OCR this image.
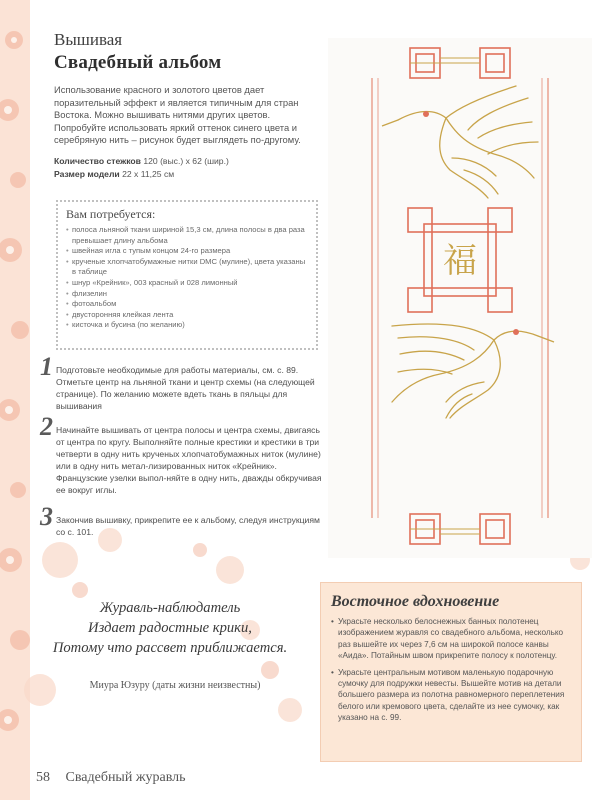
Вышивая

Свадебный альбом

Использование красного и золотого цветов дает поразительный эффект и является типичным для стран Востока. Можно вышивать нитями других цветов. Попробуйте использовать яркий оттенок синего цвета и серебряную нить – рисунок будет выглядеть по-другому.

Количество стежков 120 (выс.) х 62 (шир.)
Размер модели 22 х 11,25 см

Вам потребуется:

• полоса льняной ткани шириной 15,3 см, длина полосы в два раза превышает длину альбома
• швейная игла с тупым концом 24-го размера
• крученые хлопчатобумажные нитки DMC (мулине), цвета указаны в таблице
• шнур «Крейник», 003 красный и 028 лимонный
• флизелин
• фотоальбом
• двусторонняя клейкая лента
• кисточка и бусина (по желанию)
1 Подготовьте необходимые для работы материалы, см. с. 89. Отметьте центр на льняной ткани и центр схемы (на следующей странице). По желанию можете вдеть ткань в пяльцы для вышивания
2 Начинайте вышивать от центра полосы и центра схемы, двигаясь от центра по кругу. Выполняйте полные крестики и крестики в три четверти в одну нить крученых хлопчатобумажных ниток (мулине) или в одну нить метал-лизированных ниток «Крейник». Французские узелки выпол-няйте в одну нить, дважды обкручивая ее вокруг иглы.
3 Закончив вышивку, прикрепите ее к альбому, следуя инструкциям со с. 101.
福
Журавль-наблюдатель
Издает радостные крики,
Потому что рассвет приближается.
Миура Юзуру (даты жизни неизвестны)

Восточное вдохновение

• Украсьте несколько белоснежных банных полотенец изображением журавля со свадебного альбома, несколько раз вышейте их через 7,6 см на широкой полосе канвы «Аида». Потайным швом прикрепите полосу к полотенцу.
• Украсьте центральным мотивом маленькую подарочную сумочку для подружки невесты. Вышейте мотив на детали большего размера из полотна равномерного переплетения белого или кремового цвета, сделайте из нее сумочку, как указано на с. 99.
58 Свадебный журавль
